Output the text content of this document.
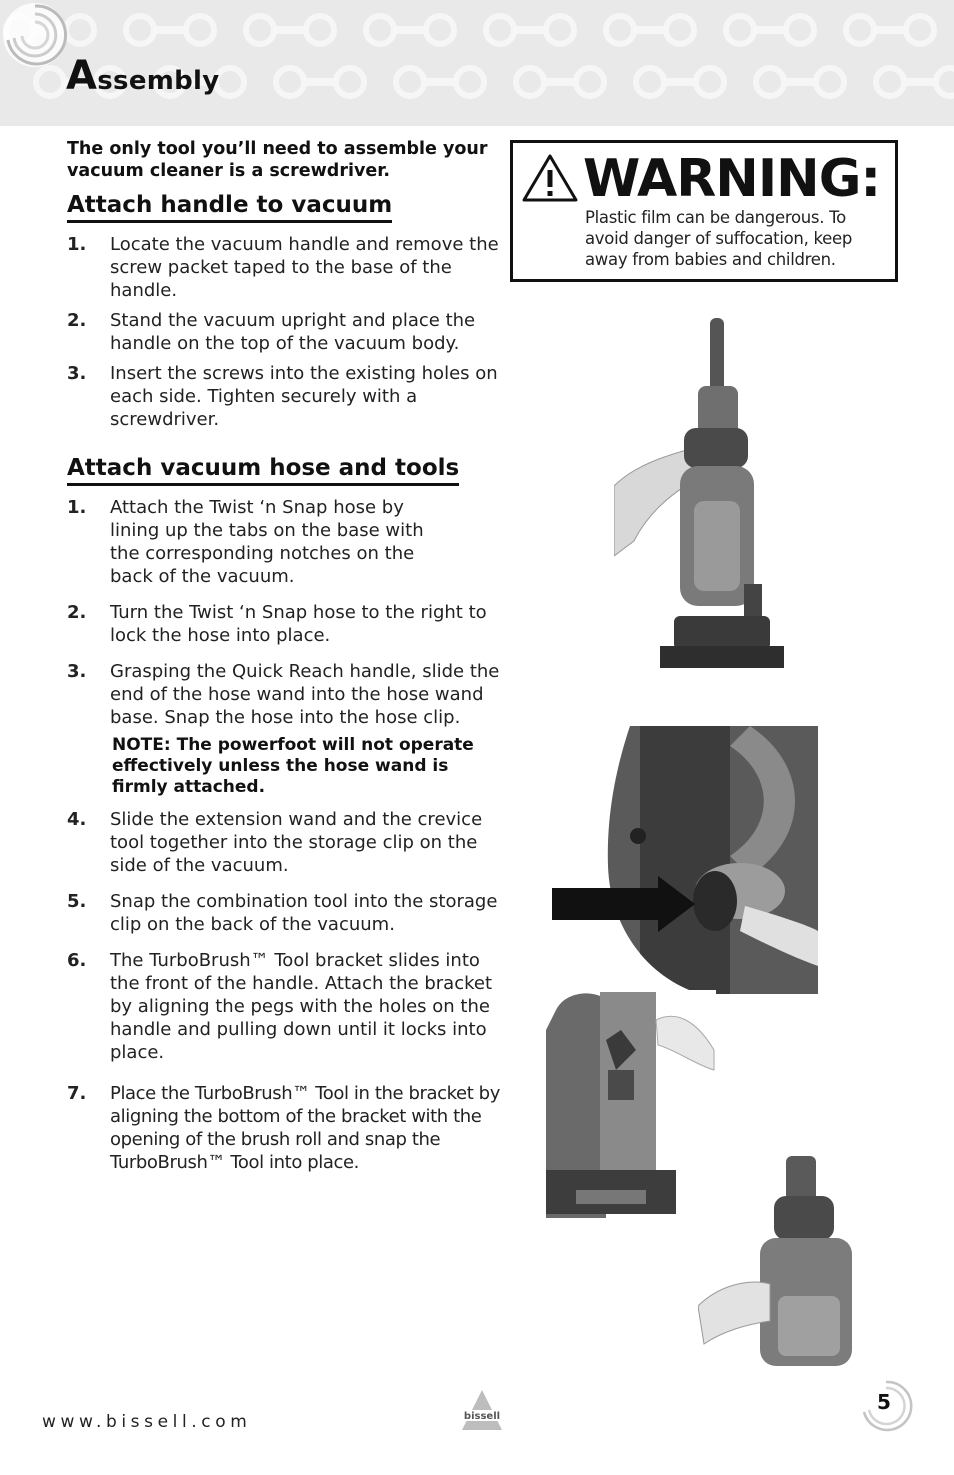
Assembly

The only tool you’ll need to assemble your vacuum cleaner is a screwdriver.

Attach handle to vacuum
1.	Locate the vacuum handle and remove the screw packet taped to the base of the handle.
2.	Stand the vacuum upright and place the handle on the top of the vacuum body.
3.	Insert the screws into the existing holes on each side. Tighten securely with a screwdriver.
Attach vacuum hose and tools
1.	Attach the Twist ‘n Snap hose by lining up the tabs on the base with the corresponding notches on the back of the vacuum.
2.	Turn the Twist ‘n Snap hose to the right to lock the hose into place.
3.	Grasping the Quick Reach handle, slide the end of the hose wand into the hose wand base. Snap the hose into the hose clip.

NOTE: The powerfoot will not operate effectively unless the hose wand is firmly attached.

4.	Slide the extension wand and the crevice tool together into the storage clip on the side of the vacuum.
5.	Snap the combination tool into the storage clip on the back of the vacuum.
6.	The TurboBrush™ Tool bracket slides into the front of the handle. Attach the bracket by aligning the pegs with the holes on the handle and pulling down until it locks into place.
7.	Place the TurboBrush™ Tool in the bracket by aligning the bottom of the bracket with the opening of the brush roll and snap the TurboBrush™ Tool into place.
WARNING:

Plastic film can be dangerous. To avoid danger of suffocation, keep away from babies and children.

www.bissell.com	bissell
5
